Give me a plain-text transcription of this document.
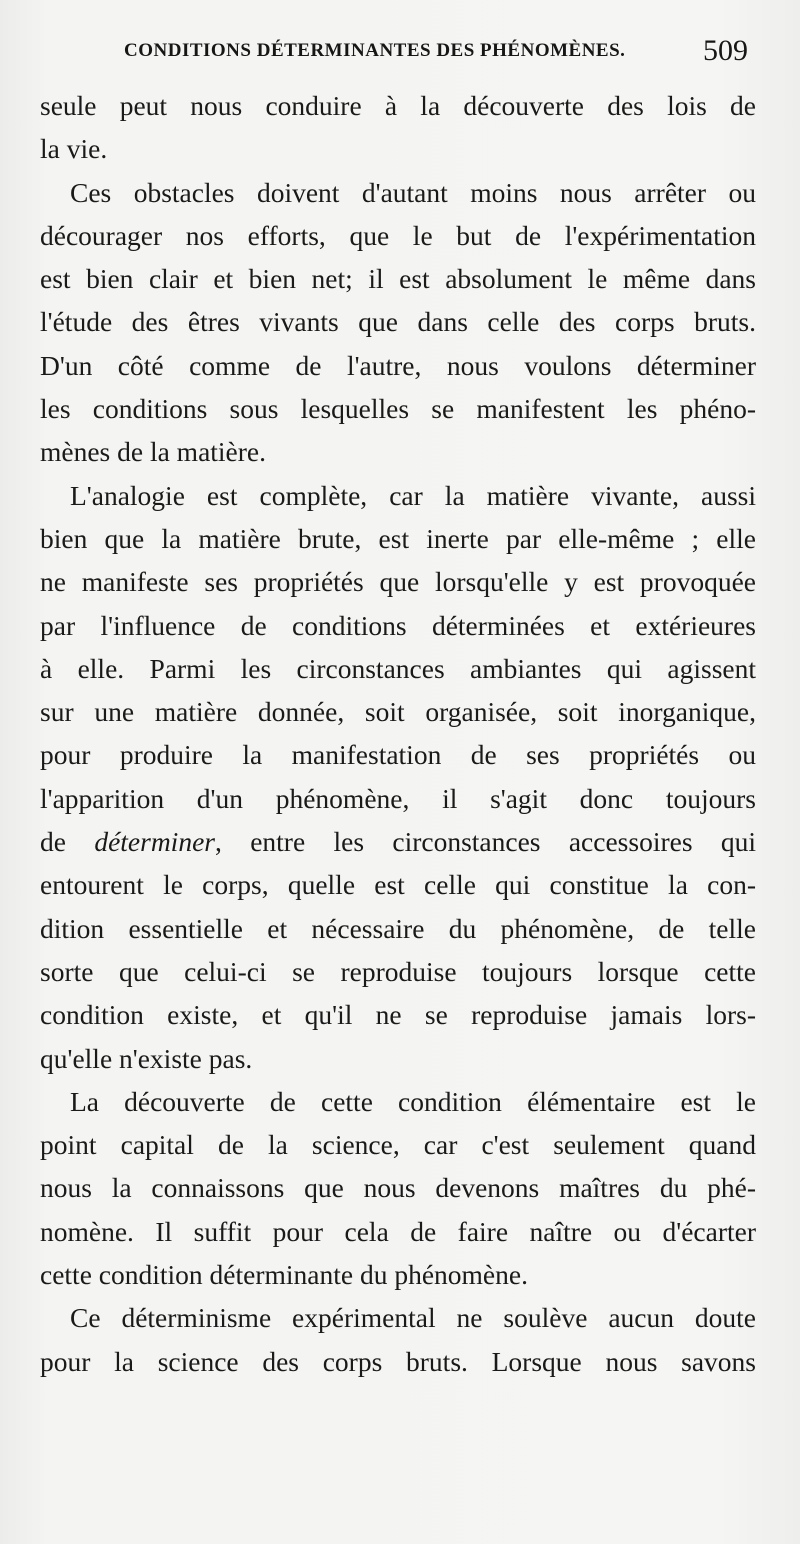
CONDITIONS DÉTERMINANTES DES PHÉNOMÈNES.	509
seule peut nous conduire à la découverte des lois de
la vie.
Ces obstacles doivent d'autant moins nous arrêter ou
décourager nos efforts, que le but de l'expérimentation
est bien clair et bien net; il est absolument le même dans
l'étude des êtres vivants que dans celle des corps bruts.
D'un côté comme de l'autre, nous voulons déterminer
les conditions sous lesquelles se manifestent les phéno-
mènes de la matière.
L'analogie est complète, car la matière vivante, aussi
bien que la matière brute, est inerte par elle-même ; elle
ne manifeste ses propriétés que lorsqu'elle y est provoquée
par l'influence de conditions déterminées et extérieures
à elle. Parmi les circonstances ambiantes qui agissent
sur une matière donnée, soit organisée, soit inorganique,
pour produire la manifestation de ses propriétés ou
l'apparition d'un phénomène, il s'agit donc toujours
de déterminer, entre les circonstances accessoires qui
entourent le corps, quelle est celle qui constitue la con-
dition essentielle et nécessaire du phénomène, de telle
sorte que celui-ci se reproduise toujours lorsque cette
condition existe, et qu'il ne se reproduise jamais lors-
qu'elle n'existe pas.
La découverte de cette condition élémentaire est le
point capital de la science, car c'est seulement quand
nous la connaissons que nous devenons maîtres du phé-
nomène. Il suffit pour cela de faire naître ou d'écarter
cette condition déterminante du phénomène.
Ce déterminisme expérimental ne soulève aucun doute
pour la science des corps bruts. Lorsque nous savons
